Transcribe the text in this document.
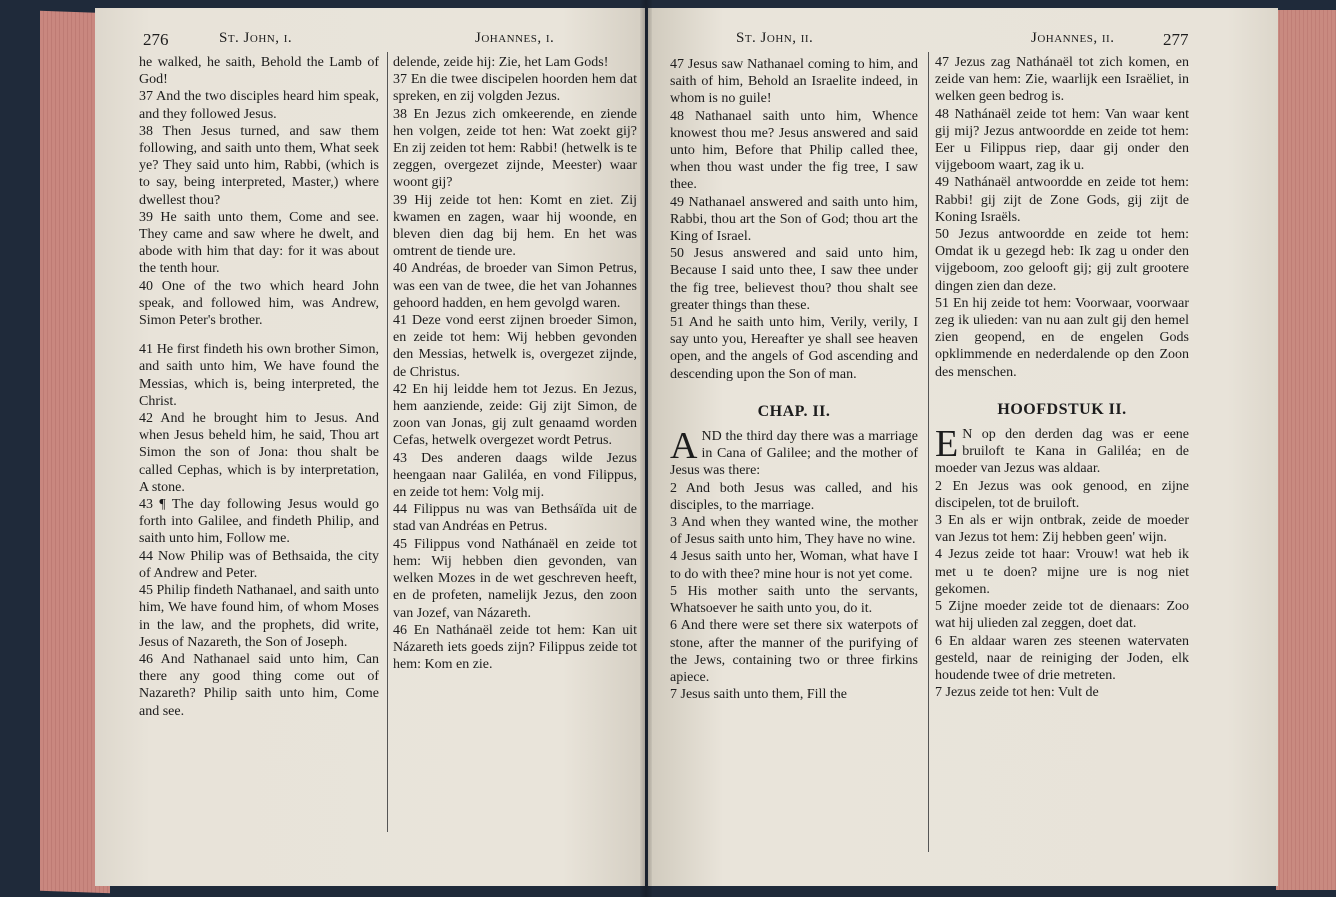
276	St. John, i.	Johannes, i.

he walked, he saith, Behold the Lamb of God!

37 And the two disciples heard him speak, and they followed Jesus.

38 Then Jesus turned, and saw them following, and saith unto them, What seek ye? They said unto him, Rabbi, (which is to say, being interpreted, Master,) where dwellest thou?

39 He saith unto them, Come and see. They came and saw where he dwelt, and abode with him that day: for it was about the tenth hour.

40 One of the two which heard John speak, and followed him, was Andrew, Simon Peter's brother.

41 He first findeth his own brother Simon, and saith unto him, We have found the Messias, which is, being interpreted, the Christ.

42 And he brought him to Jesus. And when Jesus beheld him, he said, Thou art Simon the son of Jona: thou shalt be called Cephas, which is by interpretation, A stone.

43 ¶ The day following Jesus would go forth into Galilee, and findeth Philip, and saith unto him, Follow me.

44 Now Philip was of Bethsaida, the city of Andrew and Peter.

45 Philip findeth Nathanael, and saith unto him, We have found him, of whom Moses in the law, and the prophets, did write, Jesus of Nazareth, the Son of Joseph.

46 And Nathanael said unto him, Can there any good thing come out of Nazareth? Philip saith unto him, Come and see.

delende, zeide hij: Zie, het Lam Gods!

37 En die twee discipelen hoorden hem dat spreken, en zij volgden Jezus.

38 En Jezus zich omkeerende, en ziende hen volgen, zeide tot hen: Wat zoekt gij? En zij zeiden tot hem: Rabbi! (hetwelk is te zeggen, overgezet zijnde, Meester) waar woont gij?

39 Hij zeide tot hen: Komt en ziet. Zij kwamen en zagen, waar hij woonde, en bleven dien dag bij hem. En het was omtrent de tiende ure.

40 Andréas, de broeder van Simon Petrus, was een van de twee, die het van Johannes gehoord hadden, en hem gevolgd waren.

41 Deze vond eerst zijnen broeder Simon, en zeide tot hem: Wij hebben gevonden den Messias, hetwelk is, overgezet zijnde, de Christus.

42 En hij leidde hem tot Jezus. En Jezus, hem aanziende, zeide: Gij zijt Simon, de zoon van Jonas, gij zult genaamd worden Cefas, hetwelk overgezet wordt Petrus.

43 Des anderen daags wilde Jezus heengaan naar Galiléa, en vond Filippus, en zeide tot hem: Volg mij.

44 Filippus nu was van Bethsáïda uit de stad van Andréas en Petrus.

45 Filippus vond Nathánaël en zeide tot hem: Wij hebben dien gevonden, van welken Mozes in de wet geschreven heeft, en de profeten, namelijk Jezus, den zoon van Jozef, van Názareth.

46 En Nathánaël zeide tot hem: Kan uit Názareth iets goeds zijn? Filippus zeide tot hem: Kom en zie.

St. John, ii.	Johannes, ii.	277

47 Jesus saw Nathanael coming to him, and saith of him, Behold an Israelite indeed, in whom is no guile!

48 Nathanael saith unto him, Whence knowest thou me? Jesus answered and said unto him, Before that Philip called thee, when thou wast under the fig tree, I saw thee.

49 Nathanael answered and saith unto him, Rabbi, thou art the Son of God; thou art the King of Israel.

50 Jesus answered and said unto him, Because I said unto thee, I saw thee under the fig tree, believest thou? thou shalt see greater things than these.

51 And he saith unto him, Verily, verily, I say unto you, Hereafter ye shall see heaven open, and the angels of God ascending and descending upon the Son of man.

CHAP. II.

AND the third day there was a marriage in Cana of Galilee; and the mother of Jesus was there:

2 And both Jesus was called, and his disciples, to the marriage.

3 And when they wanted wine, the mother of Jesus saith unto him, They have no wine.

4 Jesus saith unto her, Woman, what have I to do with thee? mine hour is not yet come.

5 His mother saith unto the servants, Whatsoever he saith unto you, do it.

6 And there were set there six waterpots of stone, after the manner of the purifying of the Jews, containing two or three firkins apiece.

7 Jesus saith unto them, Fill the

47 Jezus zag Nathánaël tot zich komen, en zeide van hem: Zie, waarlijk een Israëliet, in welken geen bedrog is.

48 Nathánaël zeide tot hem: Van waar kent gij mij? Jezus antwoordde en zeide tot hem: Eer u Filippus riep, daar gij onder den vijgeboom waart, zag ik u.

49 Nathánaël antwoordde en zeide tot hem: Rabbi! gij zijt de Zone Gods, gij zijt de Koning Israëls.

50 Jezus antwoordde en zeide tot hem: Omdat ik u gezegd heb: Ik zag u onder den vijgeboom, zoo gelooft gij; gij zult grootere dingen zien dan deze.

51 En hij zeide tot hem: Voorwaar, voorwaar zeg ik ulieden: van nu aan zult gij den hemel zien geopend, en de engelen Gods opklimmende en nederdalende op den Zoon des menschen.

HOOFDSTUK II.

E N op den derden dag was er eene bruiloft te Kana in Galiléa; en de moeder van Jezus was aldaar.

2 En Jezus was ook genood, en zijne discipelen, tot de bruiloft.

3 En als er wijn ontbrak, zeide de moeder van Jezus tot hem: Zij hebben geen' wijn.

4 Jezus zeide tot haar: Vrouw! wat heb ik met u te doen? mijne ure is nog niet gekomen.

5 Zijne moeder zeide tot de dienaars: Zoo wat hij ulieden zal zeggen, doet dat.

6 En aldaar waren zes steenen watervaten gesteld, naar de reiniging der Joden, elk houdende twee of drie metreten.

7 Jezus zeide tot hen: Vult de
